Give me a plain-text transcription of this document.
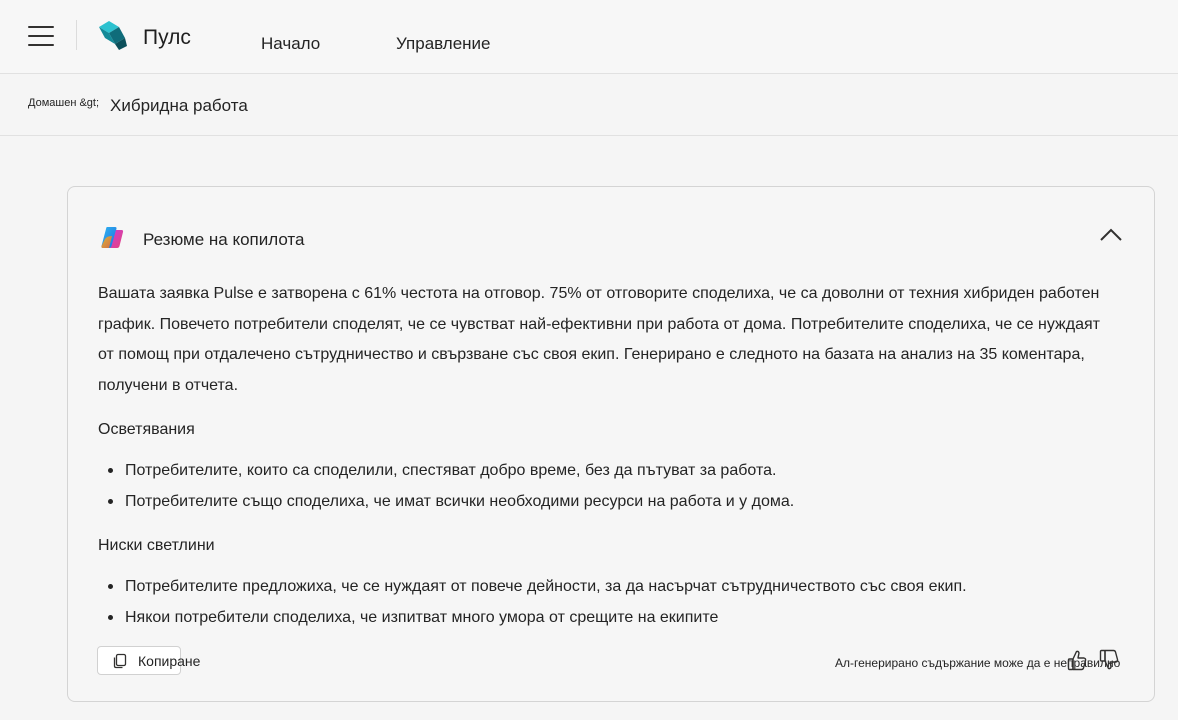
Пулс	Начало	Управление
Домашен &gt; Хибридна работа
Резюме на копилота

Вашата заявка Pulse е затворена с 61% честота на отговор. 75% от отговорите споделиха, че са доволни от техния хибриден работен график. Повечето потребители споделят, че се чувстват най-ефективни при работа от дома. Потребителите споделиха, че се нуждаят от помощ при отдалечено сътрудничество и свързване със своя екип. Генерирано е следното на базата на анализ на 35 коментара, получени в отчета.

Осветявания
Потребителите, които са споделили, спестяват добро време, без да пътуват за работа.
Потребителите също споделиха, че имат всички необходими ресурси на работа и у дома.
Ниски светлини
Потребителите предложиха, че се нуждаят от повече дейности, за да насърчат сътрудничеството със своя екип.
Някои потребители споделиха, че изпитват много умора от срещите на екипите
Копиране	Ал-генерирано съдържание може да е неправилно
